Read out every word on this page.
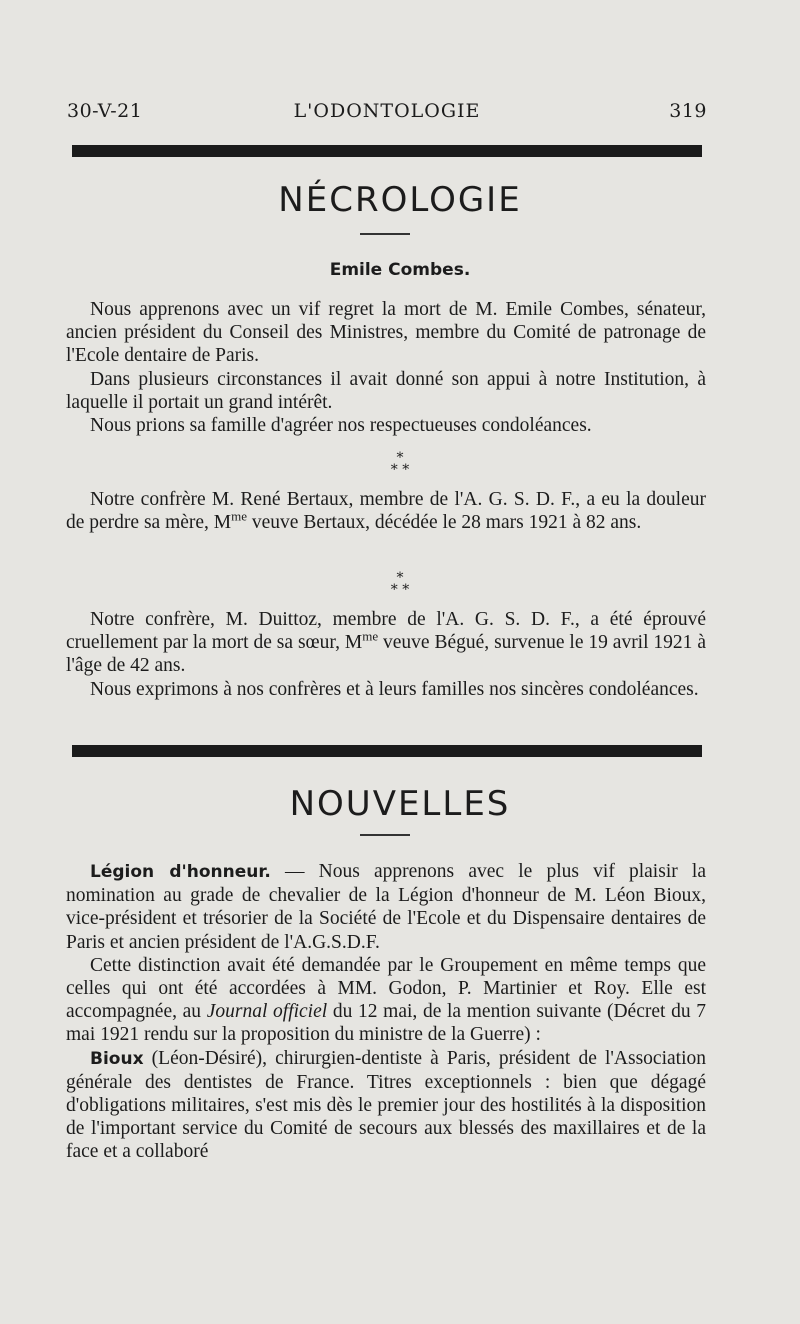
30-V-21	L'ODONTOLOGIE	319
NÉCROLOGIE
Emile Combes.

Nous apprenons avec un vif regret la mort de M. Emile Combes, sénateur, ancien président du Conseil des Ministres, membre du Comité de patronage de l'Ecole dentaire de Paris.

Dans plusieurs circonstances il avait donné son appui à notre Institution, à laquelle il portait un grand intérêt.

Nous prions sa famille d'agréer nos respectueuses condoléances.

*
* *

Notre confrère M. René Bertaux, membre de l'A. G. S. D. F., a eu la douleur de perdre sa mère, $M^{me}$ veuve Bertaux, décédée le 28 mars 1921 à 82 ans.

*
* *

Notre confrère, M. Duittoz, membre de l'A. G. S. D. F., a été éprouvé cruellement par la mort de sa sœur, $M^{me}$ veuve Bégué, survenue le 19 avril 1921 à l'âge de 42 ans.

Nous exprimons à nos confrères et à leurs familles nos sincères condoléances.

NOUVELLES

Légion d'honneur. — Nous apprenons avec le plus vif plaisir la nomination au grade de chevalier de la Légion d'honneur de M. Léon Bioux, vice-président et trésorier de la Société de l'Ecole et du Dispensaire dentaires de Paris et ancien président de l'A.G.S.D.F.

Cette distinction avait été demandée par le Groupement en même temps que celles qui ont été accordées à MM. Godon, P. Martinier et Roy. Elle est accompagnée, au Journal officiel du 12 mai, de la mention suivante (Décret du 7 mai 1921 rendu sur la proposition du ministre de la Guerre) :

Bioux (Léon-Désiré), chirurgien-dentiste à Paris, président de l'Association générale des dentistes de France. Titres exceptionnels : bien que dégagé d'obligations militaires, s'est mis dès le premier jour des hostilités à la disposition de l'important service du Comité de secours aux blessés des maxillaires et de la face et a collaboré
